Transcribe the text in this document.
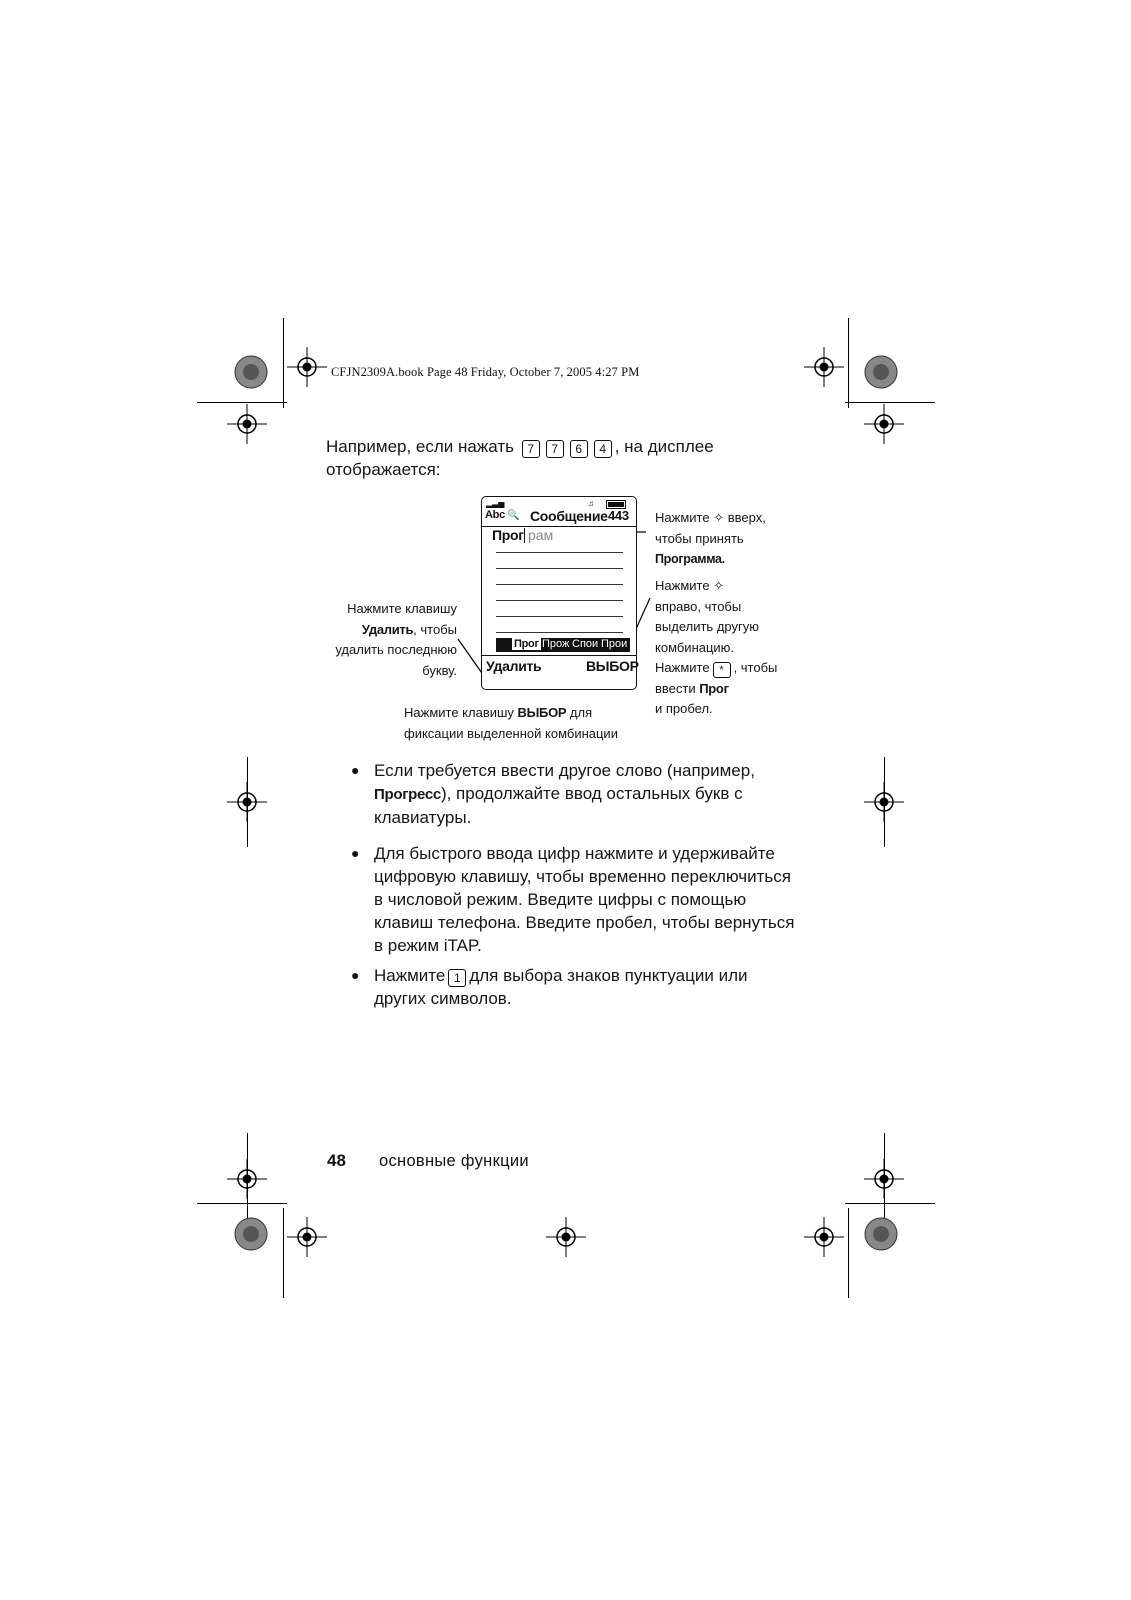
CFJN2309A.book Page 48 Friday, October 7, 2005 4:27 PM
Например, если нажать 7 7 6 4 , на дисплее
отображается:
▂▃▅	♫
Abc 🔍 Сообщение 443
Прог рам
Прог Прож Спои Прои
Удалить	ВЫБОР
Нажмите клавишу
Удалить, чтобы
удалить последнюю
букву.
Нажмите ✧ вверх,
чтобы принять
Программа.
Нажмите ✧
вправо, чтобы
выделить другую
комбинацию.
Нажмите * , чтобы
ввести Прог
и пробел.
Нажмите клавишу ВЫБОР для
фиксации выделенной комбинации
● Если требуется ввести другое слово (например,
Прогресс), продолжайте ввод остальных букв с
клавиатуры.
● Для быстрого ввода цифр нажмите и удерживайте
цифровую клавишу, чтобы временно переключиться
в числовой режим. Введите цифры с помощью
клавиш телефона. Введите пробел, чтобы вернуться
в режим iTAP.
● Нажмите 1 для выбора знаков пунктуации или
других символов.
48 основные функции
